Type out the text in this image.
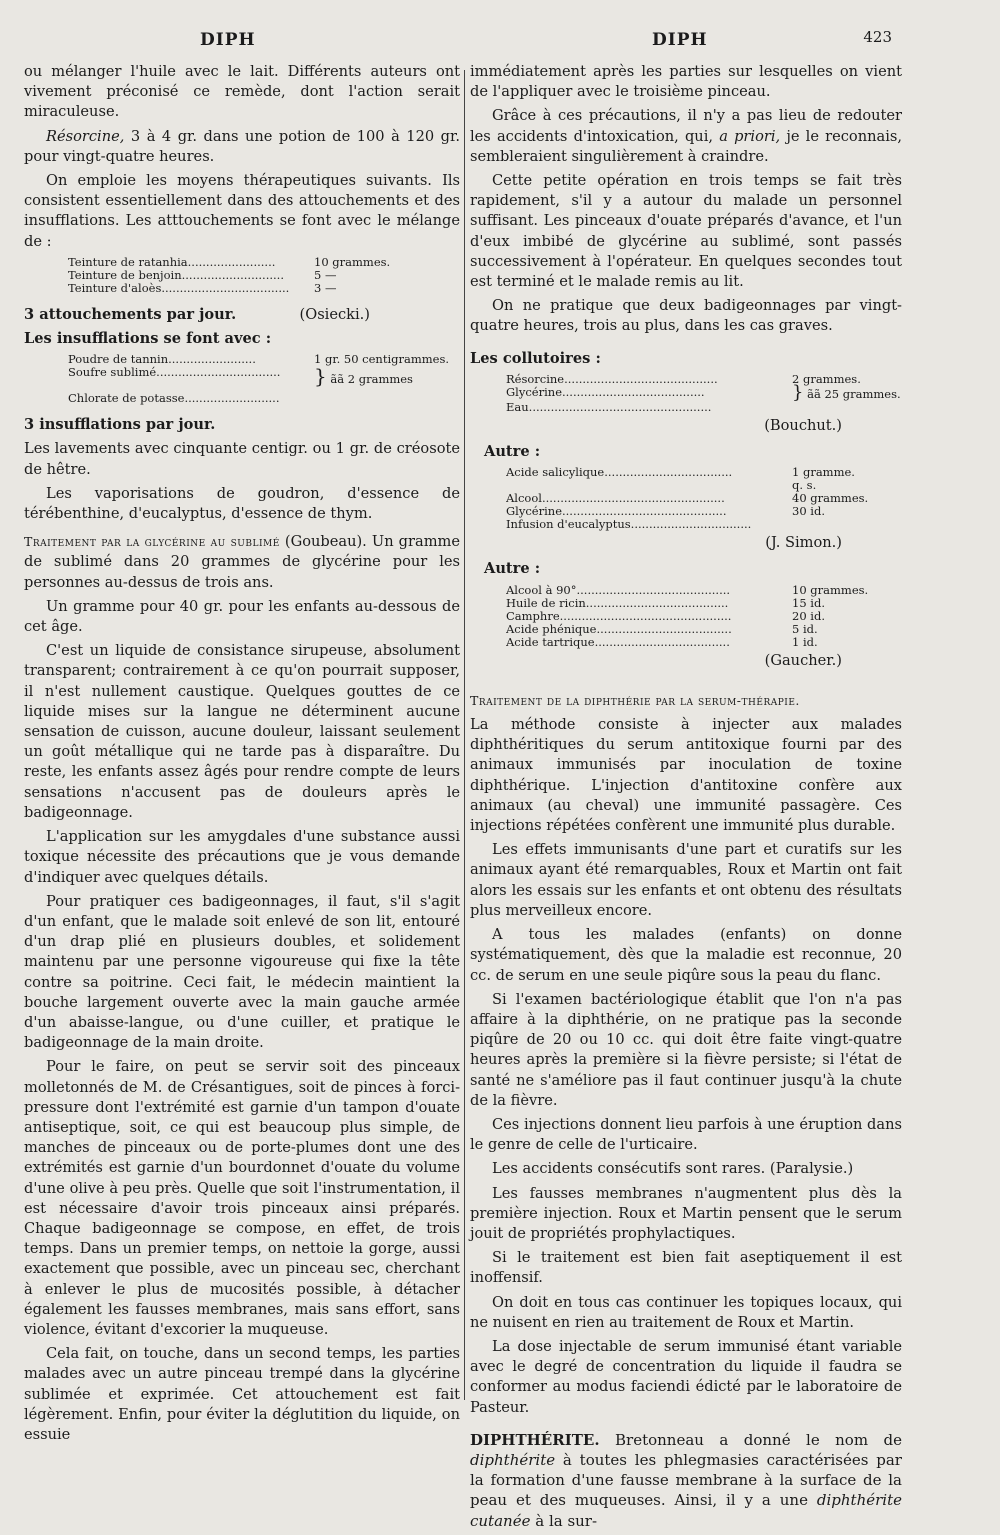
DIPH	DIPH	423

ou mélanger l'huile avec le lait. Différents auteurs ont vivement préconisé ce remède, dont l'action serait miraculeuse.

Résorcine, 3 à 4 gr. dans une potion de 100 à 120 gr. pour vingt-quatre heures.

On emploie les moyens thérapeutiques suivants. Ils consistent essentiellement dans des attouchements et des insufflations. Les atttouchements se font avec le mélange de :

Teinture de ratanhia........................	10 grammes.
Teinture de benjoin............................	5 —
Teinture d'aloès...................................	3 —

3 attouchements par jour.	(Osiecki.)

Les insufflations se font avec :

Poudre de tannin........................	1 gr. 50 centigrammes.
Soufre sublimé..................................	} ãã 2 grammes
Chlorate de potasse..........................

3 insufflations par jour.

Les lavements avec cinquante centigr. ou 1 gr. de créosote de hêtre.

Les vaporisations de goudron, d'essence de térébenthine, d'eucalyptus, d'essence de thym.

Traitement par la glycérine au sublimé (Goubeau). Un gramme de sublimé dans 20 grammes de glycérine pour les personnes au-dessus de trois ans.

Un gramme pour 40 gr. pour les enfants au-dessous de cet âge.

C'est un liquide de consistance sirupeuse, absolument transparent; contrairement à ce qu'on pourrait supposer, il n'est nullement caustique. Quelques gouttes de ce liquide mises sur la langue ne déterminent aucune sensation de cuisson, aucune douleur, laissant seulement un goût métallique qui ne tarde pas à disparaître. Du reste, les enfants assez âgés pour rendre compte de leurs sensations n'accusent pas de douleurs après le badigeonnage.

L'application sur les amygdales d'une substance aussi toxique nécessite des précautions que je vous demande d'indiquer avec quelques détails.

Pour pratiquer ces badigeonnages, il faut, s'il s'agit d'un enfant, que le malade soit enlevé de son lit, entouré d'un drap plié en plusieurs doubles, et solidement maintenu par une personne vigoureuse qui fixe la tête contre sa poitrine. Ceci fait, le médecin maintient la bouche largement ouverte avec la main gauche armée d'un abaisse-langue, ou d'une cuiller, et pratique le badigeonnage de la main droite.

Pour le faire, on peut se servir soit des pinceaux molletonnés de M. de Crésantigues, soit de pinces à forci-pressure dont l'extrémité est garnie d'un tampon d'ouate antiseptique, soit, ce qui est beaucoup plus simple, de manches de pinceaux ou de porte-plumes dont une des extrémités est garnie d'un bourdonnet d'ouate du volume d'une olive à peu près. Quelle que soit l'instrumentation, il est nécessaire d'avoir trois pinceaux ainsi préparés. Chaque badigeonnage se compose, en effet, de trois temps. Dans un premier temps, on nettoie la gorge, aussi exactement que possible, avec un pinceau sec, cherchant à enlever le plus de mucosités possible, à détacher également les fausses membranes, mais sans effort, sans violence, évitant d'excorier la muqueuse.

Cela fait, on touche, dans un second temps, les parties malades avec un autre pinceau trempé dans la glycérine sublimée et exprimée. Cet attouchement est fait légèrement. Enfin, pour éviter la déglutition du liquide, on essuie

immédiatement après les parties sur lesquelles on vient de l'appliquer avec le troisième pinceau.

Grâce à ces précautions, il n'y a pas lieu de redouter les accidents d'intoxication, qui, a priori, je le reconnais, sembleraient singulièrement à craindre.

Cette petite opération en trois temps se fait très rapidement, s'il y a autour du malade un personnel suffisant. Les pinceaux d'ouate préparés d'avance, et l'un d'eux imbibé de glycérine au sublimé, sont passés successivement à l'opérateur. En quelques secondes tout est terminé et le malade remis au lit.

On ne pratique que deux badigeonnages par vingt-quatre heures, trois au plus, dans les cas graves.

Les collutoires :

Résorcine..........................................	2 grammes.
Glycérine.......................................	} ãã 25 grammes.
Eau..................................................
(Bouchut.)

Autre :

Acide salicylique...................................	1 gramme.
q. s.
Alcool..................................................	40 grammes.
Glycérine.............................................	30 id.
Infusion d'eucalyptus.................................
(J. Simon.)

Autre :

Alcool à 90°..........................................	10 grammes.
Huile de ricin.......................................	15 id.
Camphre...............................................	20 id.
Acide phénique.....................................	5 id.
Acide tartrique.....................................	1 id.
(Gaucher.)

Traitement de la diphthérie par la serum-thérapie.

La méthode consiste à injecter aux malades diphthéritiques du serum antitoxique fourni par des animaux immunisés par inoculation de toxine diphthérique. L'injection d'antitoxine confère aux animaux (au cheval) une immunité passagère. Ces injections répétées confèrent une immunité plus durable.

Les effets immunisants d'une part et curatifs sur les animaux ayant été remarquables, Roux et Martin ont fait alors les essais sur les enfants et ont obtenu des résultats plus merveilleux encore.

A tous les malades (enfants) on donne systématiquement, dès que la maladie est reconnue, 20 cc. de serum en une seule piqûre sous la peau du flanc.

Si l'examen bactériologique établit que l'on n'a pas affaire à la diphthérie, on ne pratique pas la seconde piqûre de 20 ou 10 cc. qui doit être faite vingt-quatre heures après la première si la fièvre persiste; si l'état de santé ne s'améliore pas il faut continuer jusqu'à la chute de la fièvre.

Ces injections donnent lieu parfois à une éruption dans le genre de celle de l'urticaire.

Les accidents consécutifs sont rares. (Paralysie.)

Les fausses membranes n'augmentent plus dès la première injection. Roux et Martin pensent que le serum jouit de propriétés prophylactiques.

Si le traitement est bien fait aseptiquement il est inoffensif.

On doit en tous cas continuer les topiques locaux, qui ne nuisent en rien au traitement de Roux et Martin.

La dose injectable de serum immunisé étant variable avec le degré de concentration du liquide il faudra se conformer au modus faciendi édicté par le laboratoire de Pasteur.

DIPHTHÉRITE. Bretonneau a donné le nom de diphthérite à toutes les phlegmasies caractérisées par la formation d'une fausse membrane à la surface de la peau et des muqueuses. Ainsi, il y a une diphthérite cutanée à la sur-
